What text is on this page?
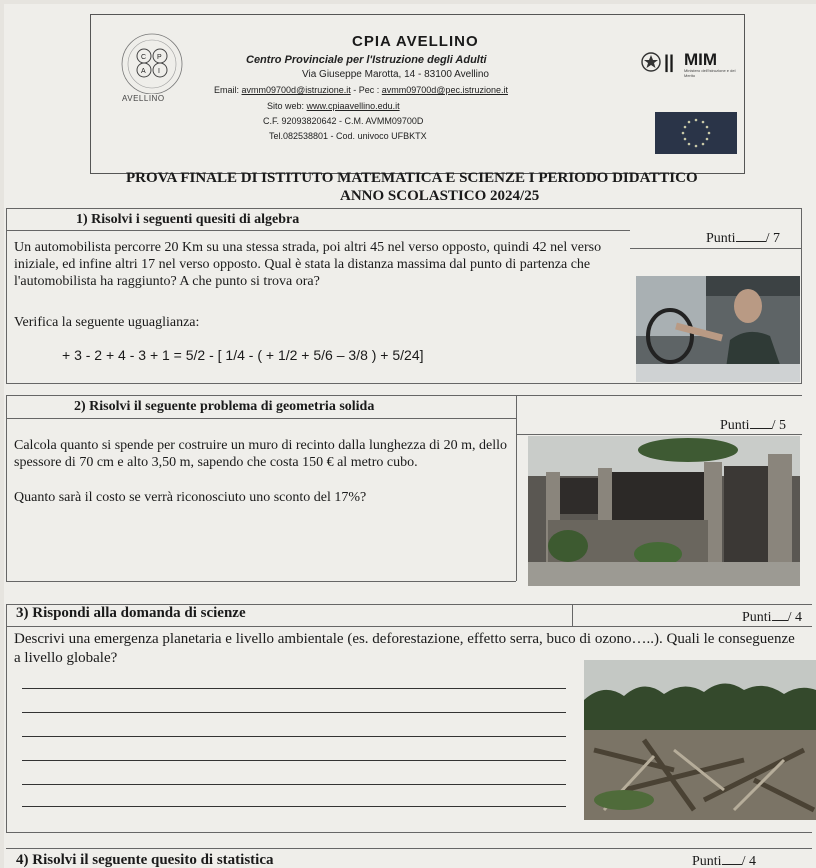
C P
A I
AVELLINO
CPIA AVELLINO
Centro Provinciale per l'Istruzione degli Adulti
Via Giuseppe Marotta, 14 - 83100 Avellino
Email: avmm09700d@istruzione.it - Pec : avmm09700d@pec.istruzione.it
Sito web: www.cpiaavellino.edu.it
C.F. 92093820642 - C.M. AVMM09700D
Tel.082538801 - Cod. univoco UFBKTX
|| MIM
Ministero dell'Istruzione e del Merito
PROVA FINALE DI ISTITUTO MATEMATICA E SCIENZE I PERIODO DIDATTICO
ANNO SCOLASTICO 2024/25
1) Risolvi i seguenti quesiti di algebra
Punti / 7
Un automobilista percorre 20 Km su una stessa strada, poi altri 45 nel verso opposto, quindi 42 nel verso iniziale, ed infine altri 17 nel verso opposto. Qual è stata la distanza massima dal punto di partenza che l'automobilista ha raggiunto? A che punto si trova ora?
Verifica la seguente uguaglianza:
+ 3 - 2 + 4 - 3 + 1 = 5/2 - [ 1/4 - ( + 1/2 + 5/6 – 3/8 ) + 5/24]
2) Risolvi il seguente problema di geometria solida
Punti / 5
Calcola quanto si spende per costruire un muro di recinto dalla lunghezza di 20 m, dello spessore di 70 cm e alto 3,50 m, sapendo che costa 150 € al metro cubo.
Quanto sarà il costo se verrà riconosciuto uno sconto del 17%?
3) Rispondi alla domanda di scienze	Punti / 4
Descrivi una emergenza planetaria e livello ambientale (es. deforestazione, effetto serra, buco di ozono…..). Quali le conseguenze a livello globale?
4) Risolvi il seguente quesito di statistica	Punti / 4
